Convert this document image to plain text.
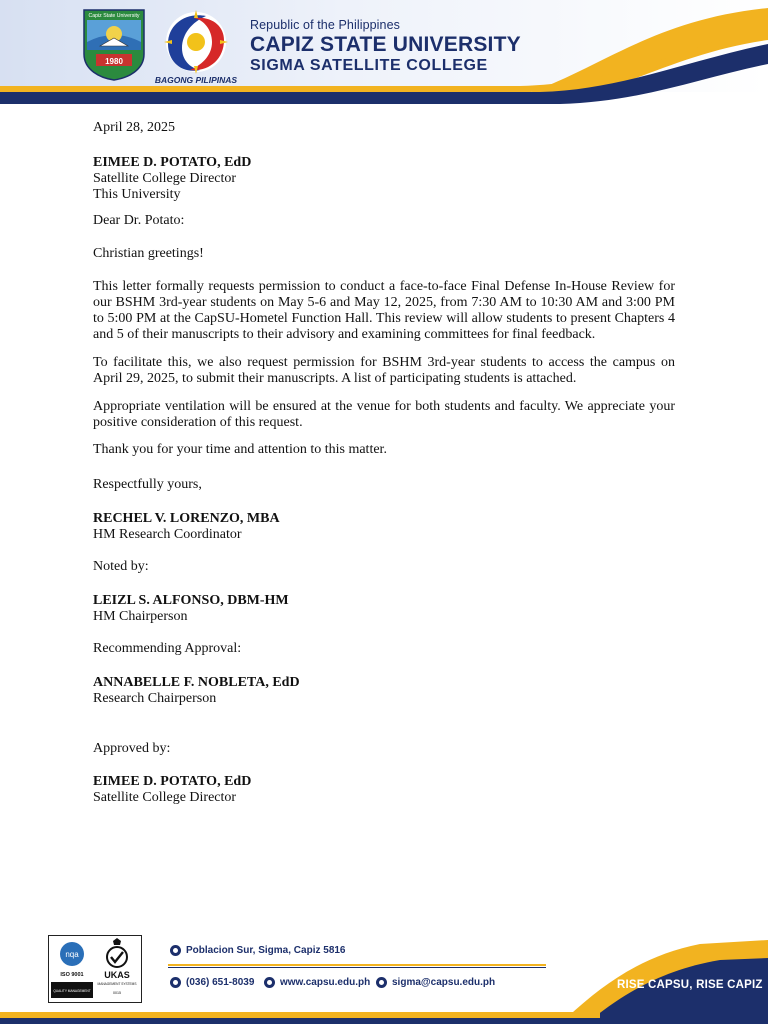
Capiz State University
1980
BAGONG PILIPINAS
Republic of the Philippines
CAPIZ STATE UNIVERSITY
SIGMA SATELLITE COLLEGE

April 28, 2025

EIMEE D. POTATO, EdD

Satellite College Director

This University

Dear Dr. Potato:

Christian greetings!

This letter formally requests permission to conduct a face-to-face Final Defense In-House Review for our BSHM 3rd-year students on May 5-6 and May 12, 2025, from 7:30 AM to 10:30 AM and 3:00 PM to 5:00 PM at the CapSU-Hometel Function Hall. This review will allow students to present Chapters 4 and 5 of their manuscripts to their advisory and examining committees for final feedback.

To facilitate this, we also request permission for BSHM 3rd-year students to access the campus on April 29, 2025, to submit their manuscripts. A list of participating students is attached.

Appropriate ventilation will be ensured at the venue for both students and faculty. We appreciate your positive consideration of this request.

Thank you for your time and attention to this matter.

Respectfully yours,

RECHEL V. LORENZO, MBA

HM Research Coordinator

Noted by:

LEIZL S. ALFONSO, DBM-HM

HM Chairperson

Recommending Approval:

ANNABELLE F. NOBLETA, EdD

Research Chairperson

Approved by:

EIMEE D. POTATO, EdD

Satellite College Director

nqa
ISO 9001
QUALITY MANAGEMENT
UKAS
MANAGEMENT SYSTEMS
0015
Poblacion Sur, Sigma, Capiz 5816
(036) 651-8039	www.capsu.edu.ph sigma@capsu.edu.ph	RISE CAPSU, RISE CAPIZ
